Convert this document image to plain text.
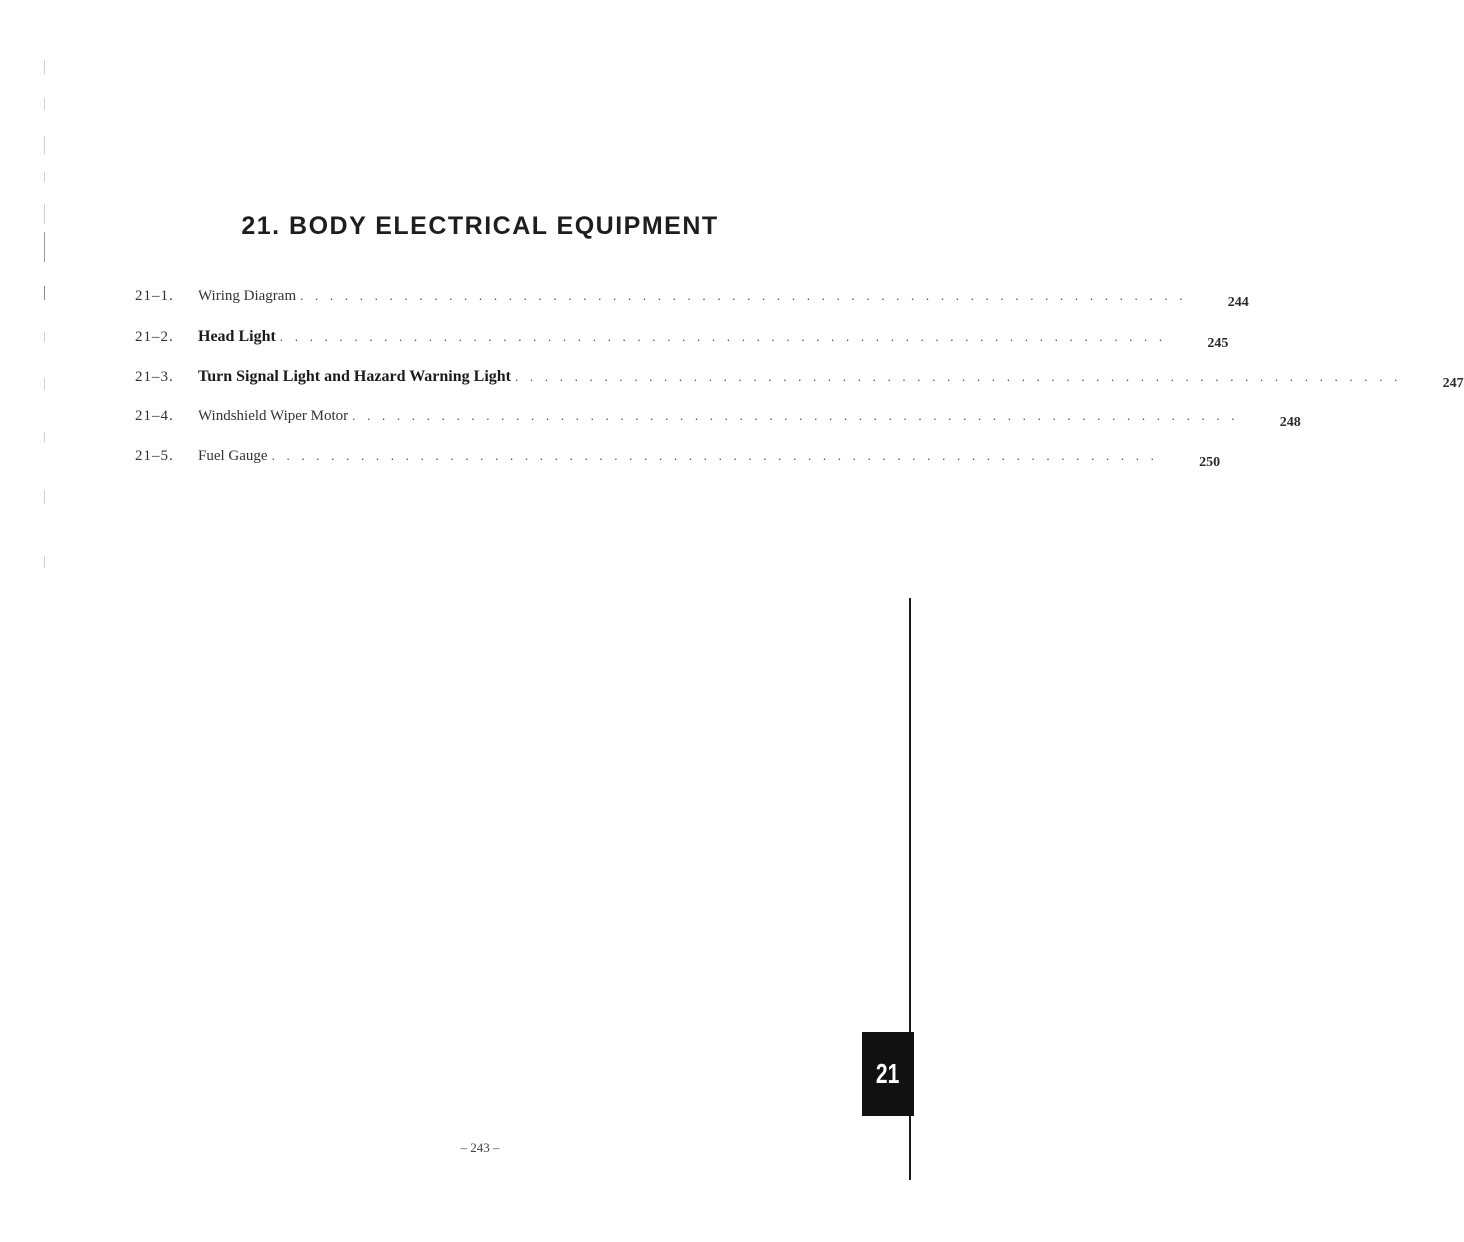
21. BODY ELECTRICAL EQUIPMENT
21–1.	Wiring Diagram . . . . . . . . . . . . . . . . . . . . . . . . . . . . . . . . . . . . . . . . . . . . . . . . . . . . . . . . . . . .	244
21–2.	Head Light . . . . . . . . . . . . . . . . . . . . . . . . . . . . . . . . . . . . . . . . . . . . . . . . . . . . . . . . . . . .	245
21–3.	Turn Signal Light and Hazard Warning Light . . . . . . . . . . . . . . . . . . . . . . . . . . . . . . . . . . . . . . . . . . . . . . . . . . . . . . . . . . . .	247
21–4.	Windshield Wiper Motor . . . . . . . . . . . . . . . . . . . . . . . . . . . . . . . . . . . . . . . . . . . . . . . . . . . . . . . . . . . .	248
21–5.	Fuel Gauge . . . . . . . . . . . . . . . . . . . . . . . . . . . . . . . . . . . . . . . . . . . . . . . . . . . . . . . . . . . .	250
21
– 243 –
